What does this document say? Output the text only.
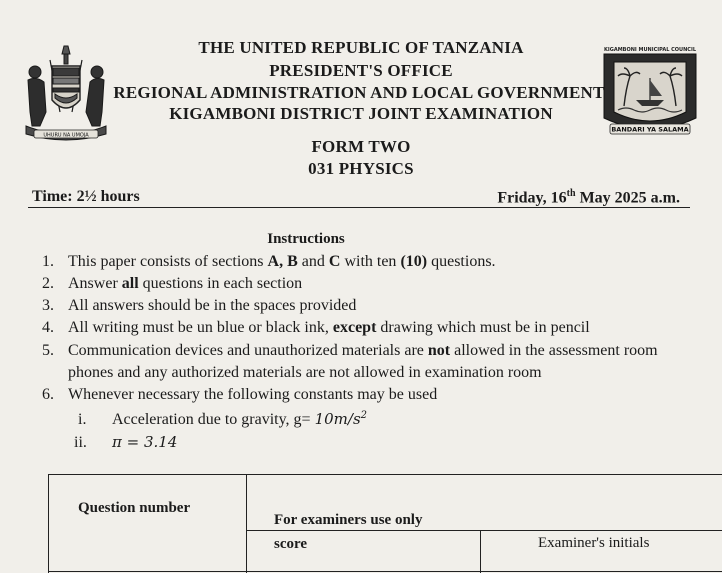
UHURU NA UMOJA
KIGAMBONI MUNICIPAL COUNCIL
BANDARI YA SALAMA
THE UNITED REPUBLIC OF TANZANIA
PRESIDENT'S OFFICE
REGIONAL ADMINISTRATION AND LOCAL GOVERNMENT
KIGAMBONI DISTRICT JOINT EXAMINATION
FORM TWO
031 PHYSICS
Time: 2½ hours	Friday, 16th May 2025 a.m.
Instructions
1. This paper consists of sections A, B and C with ten (10) questions.
2. Answer all questions in each section
3. All answers should be in the spaces provided
4. All writing must be un blue or black ink, except drawing which must be in pencil
5. Communication devices and unauthorized materials are not allowed in the assessment room
phones and any authorized materials are not allowed in examination room
6. Whenever necessary the following constants may be used
i. Acceleration due to gravity, $g= 10m/s^2$
ii. π = 3.14
Question number
For examiners use only
score	Examiner's initials
